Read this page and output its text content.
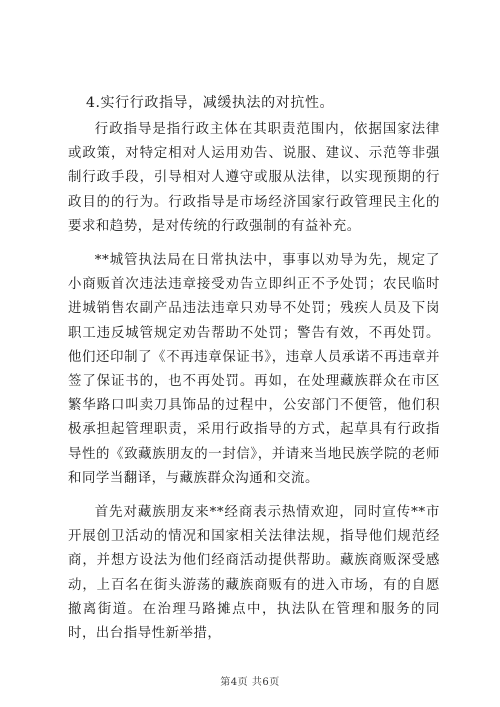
4.实行行政指导，减缓执法的对抗性。

行政指导是指行政主体在其职责范围内，依据国家法律或政策，对特定相对人运用劝告、说服、建议、示范等非强制行政手段，引导相对人遵守或服从法律，以实现预期的行政目的的行为。行政指导是市场经济国家行政管理民主化的要求和趋势，是对传统的行政强制的有益补充。

**城管执法局在日常执法中，事事以劝导为先，规定了小商贩首次违法违章接受劝告立即纠正不予处罚；农民临时进城销售农副产品违法违章只劝导不处罚；残疾人员及下岗职工违反城管规定劝告帮助不处罚；警告有效，不再处罚。他们还印制了《不再违章保证书》，违章人员承诺不再违章并签了保证书的，也不再处罚。再如，在处理藏族群众在市区繁华路口叫卖刀具饰品的过程中，公安部门不便管，他们积极承担起管理职责，采用行政指导的方式，起草具有行政指导性的《致藏族朋友的一封信》，并请来当地民族学院的老师和同学当翻译，与藏族群众沟通和交流。

首先对藏族朋友来**经商表示热情欢迎，同时宣传**市开展创卫活动的情况和国家相关法律法规，指导他们规范经商，并想方设法为他们经商活动提供帮助。藏族商贩深受感动，上百名在街头游荡的藏族商贩有的进入市场，有的自愿撤离街道。在治理马路摊点中，执法队在管理和服务的同时，出台指导性新举措，

第4页 共6页
